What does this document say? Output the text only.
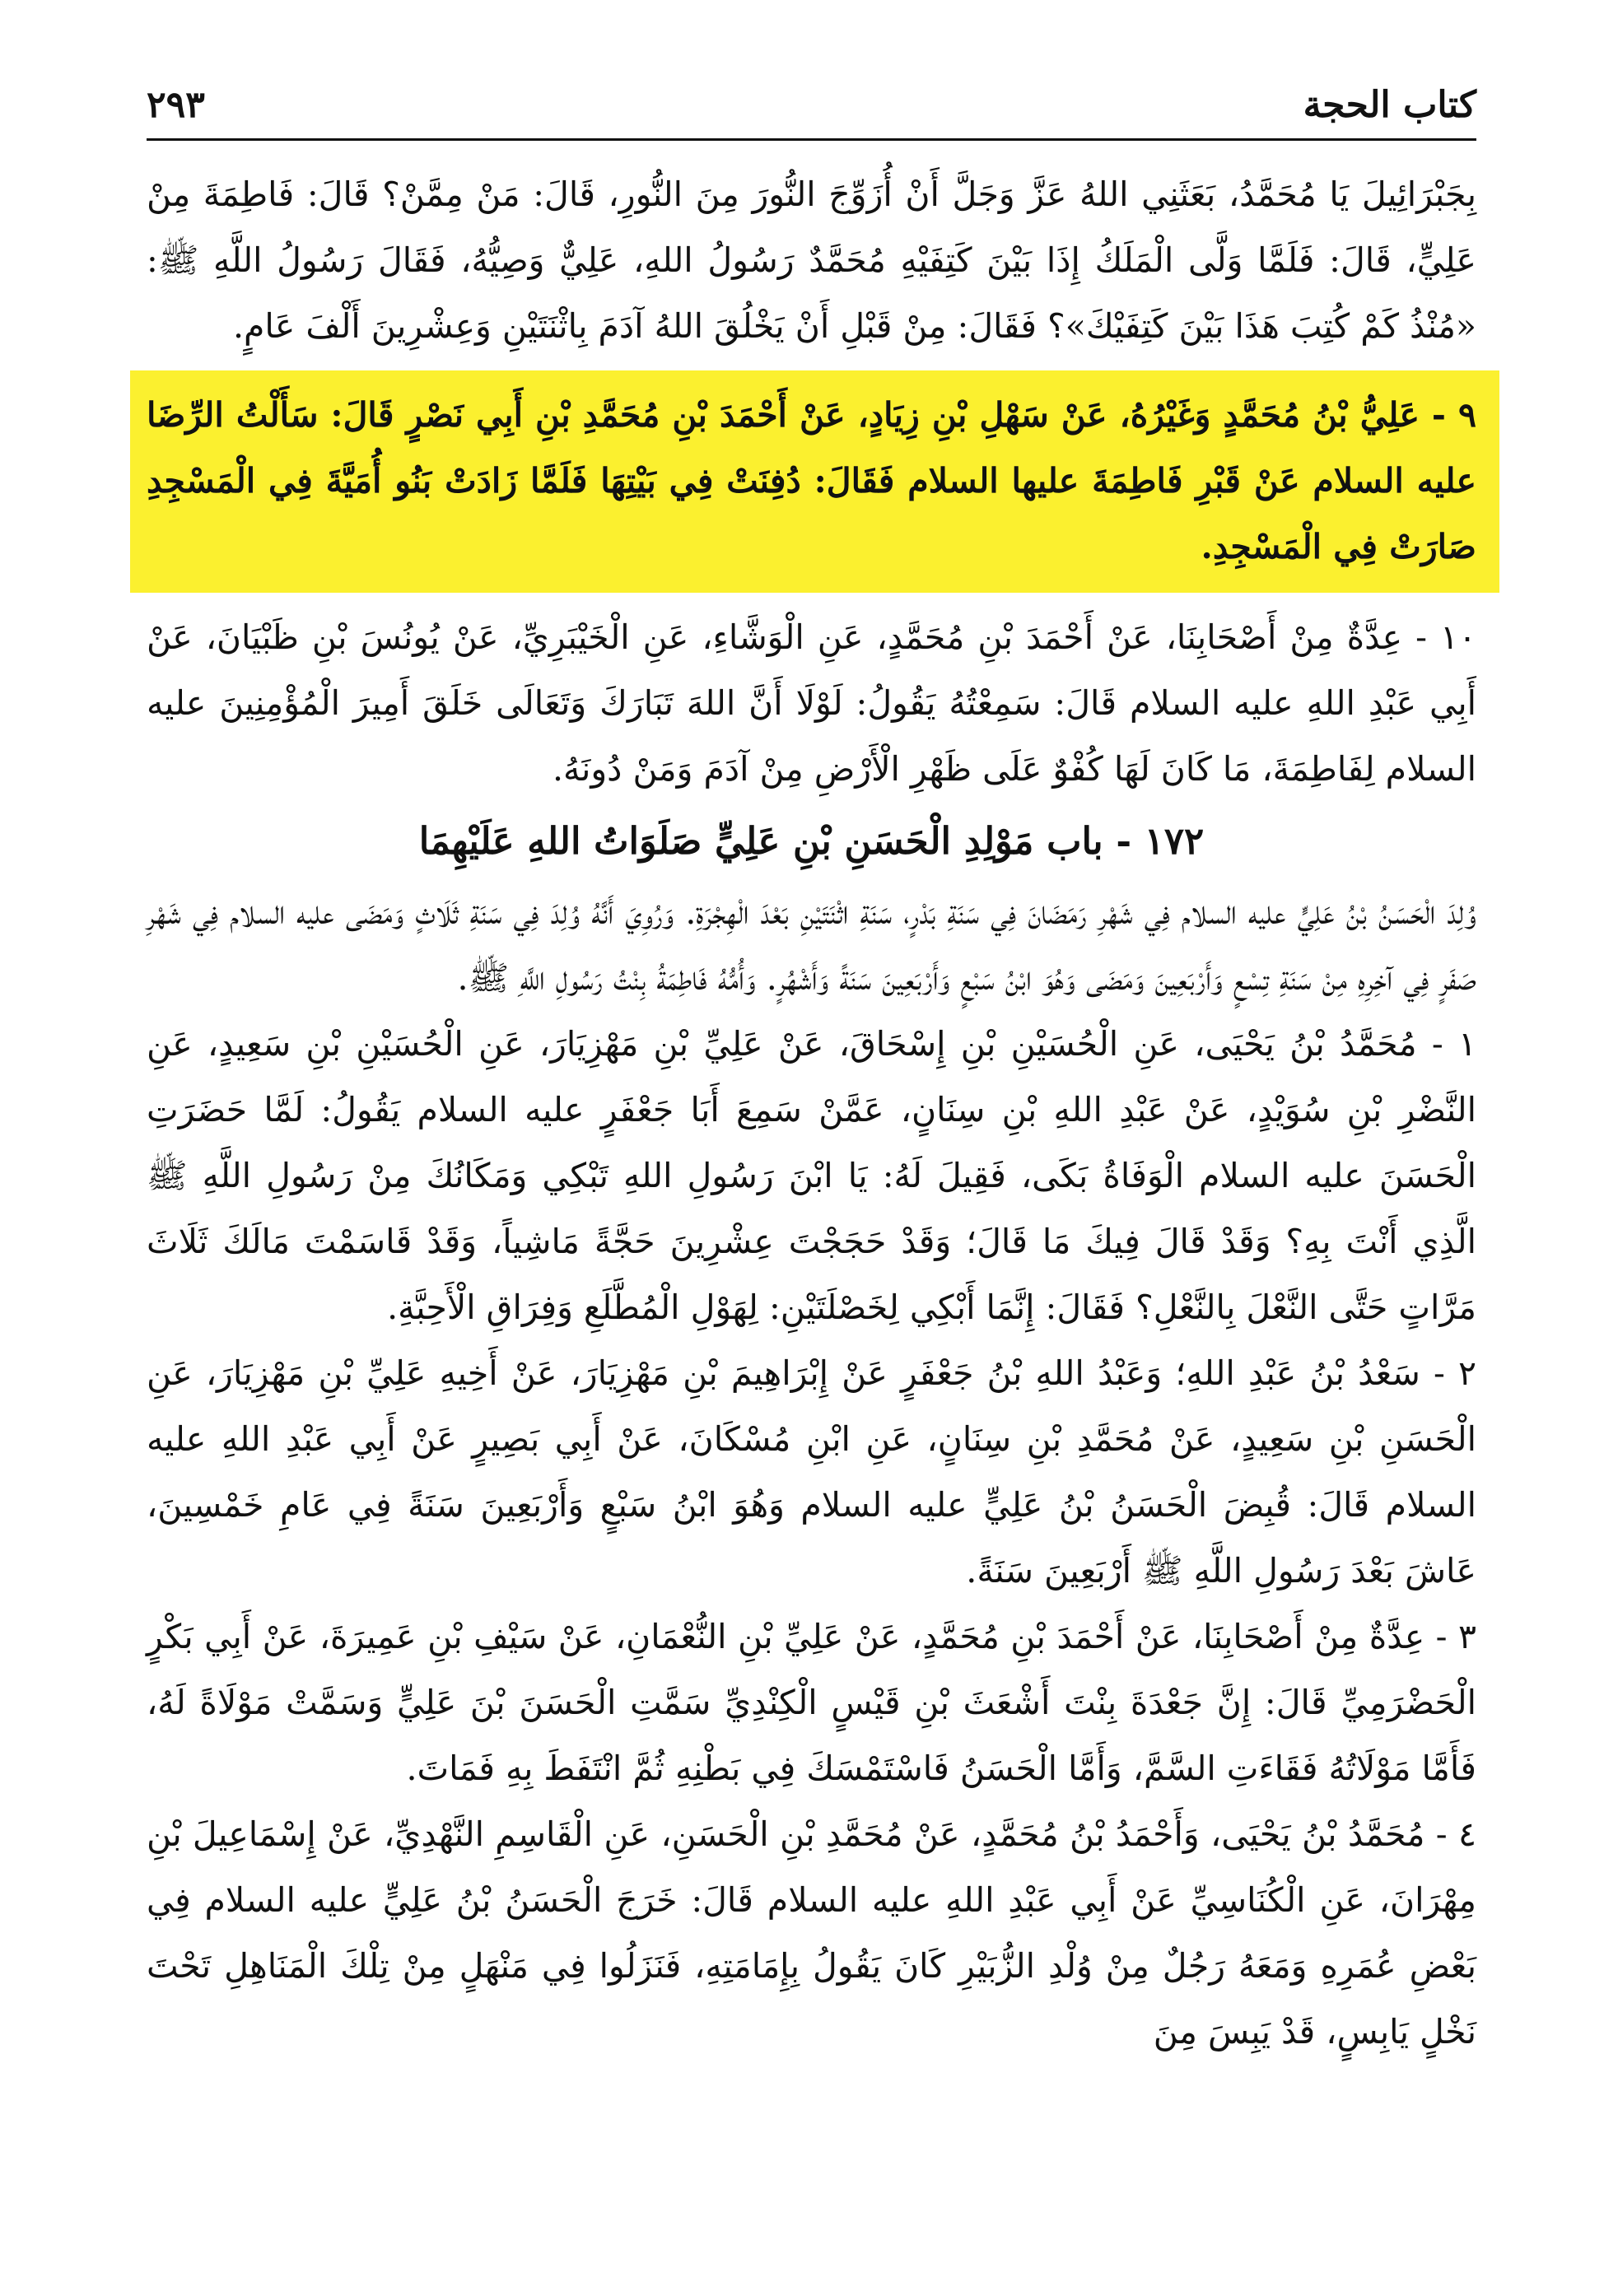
كتاب الحجة
٢٩٣

بِجَبْرَائِيلَ يَا مُحَمَّدُ، بَعَثَنِي اللهُ عَزَّ وَجَلَّ أَنْ أُزَوِّجَ النُّورَ مِنَ النُّورِ، قَالَ: مَنْ مِمَّنْ؟ قَالَ: فَاطِمَةَ مِنْ عَلِيٍّ، قَالَ: فَلَمَّا وَلَّى الْمَلَكُ إِذَا بَيْنَ كَتِفَيْهِ مُحَمَّدٌ رَسُولُ اللهِ، عَلِيٌّ وَصِيُّهُ، فَقَالَ رَسُولُ اللَّهِ ﷺ: «مُنْذُ كَمْ كُتِبَ هَذَا بَيْنَ كَتِفَيْكَ»؟ فَقَالَ: مِنْ قَبْلِ أَنْ يَخْلُقَ اللهُ آدَمَ بِاثْنَتَيْنِ وَعِشْرِينَ أَلْفَ عَامٍ.

٩ - عَلِيُّ بْنُ مُحَمَّدٍ وَغَيْرُهُ، عَنْ سَهْلِ بْنِ زِيَادٍ، عَنْ أَحْمَدَ بْنِ مُحَمَّدِ بْنِ أَبِي نَصْرٍ قَالَ: سَأَلْتُ الرِّضَا عليه السلام عَنْ قَبْرِ فَاطِمَةَ عليها السلام فَقَالَ: دُفِنَتْ فِي بَيْتِهَا فَلَمَّا زَادَتْ بَنُو أُمَيَّةَ فِي الْمَسْجِدِ صَارَتْ فِي الْمَسْجِدِ.

١٠ - عِدَّةٌ مِنْ أَصْحَابِنَا، عَنْ أَحْمَدَ بْنِ مُحَمَّدٍ، عَنِ الْوَشَّاءِ، عَنِ الْخَيْبَرِيِّ، عَنْ يُونُسَ بْنِ ظَبْيَانَ، عَنْ أَبِي عَبْدِ اللهِ عليه السلام قَالَ: سَمِعْتُهُ يَقُولُ: لَوْلَا أَنَّ اللهَ تَبَارَكَ وَتَعَالَى خَلَقَ أَمِيرَ الْمُؤْمِنِينَ عليه السلام لِفَاطِمَةَ، مَا كَانَ لَهَا كُفْوٌ عَلَى ظَهْرِ الْأَرْضِ مِنْ آدَمَ وَمَنْ دُونَهُ.

١٧٢ - باب مَوْلِدِ الْحَسَنِ بْنِ عَلِيٍّ صَلَوَاتُ اللهِ عَلَيْهِمَا

وُلِدَ الْحَسَنُ بْنُ عَلِيٍّ عليه السلام فِي شَهْرِ رَمَضَانَ فِي سَنَةِ بَدْرٍ، سَنَةِ اثْنَتَيْنِ بَعْدَ الْهِجْرَةِ. وَرُوِيَ أَنَّهُ وُلِدَ فِي سَنَةِ ثَلَاثٍ وَمَضَى عليه السلام فِي شَهْرِ صَفَرٍ فِي آخِرِهِ مِنْ سَنَةِ تِسْعٍ وَأَرْبَعِينَ وَمَضَى وَهُوَ ابْنُ سَبْعٍ وَأَرْبَعِينَ سَنَةً وَأَشْهُرٍ. وَأُمُّهُ فَاطِمَةُ بِنْتُ رَسُولِ اللَّهِ ﷺ.

١ - مُحَمَّدُ بْنُ يَحْيَى، عَنِ الْحُسَيْنِ بْنِ إِسْحَاقَ، عَنْ عَلِيِّ بْنِ مَهْزِيَارَ، عَنِ الْحُسَيْنِ بْنِ سَعِيدٍ، عَنِ النَّضْرِ بْنِ سُوَيْدٍ، عَنْ عَبْدِ اللهِ بْنِ سِنَانٍ، عَمَّنْ سَمِعَ أَبَا جَعْفَرٍ عليه السلام يَقُولُ: لَمَّا حَضَرَتِ الْحَسَنَ عليه السلام الْوَفَاةُ بَكَى، فَقِيلَ لَهُ: يَا ابْنَ رَسُولِ اللهِ تَبْكِي وَمَكَانُكَ مِنْ رَسُولِ اللَّهِ ﷺ الَّذِي أَنْتَ بِهِ؟ وَقَدْ قَالَ فِيكَ مَا قَالَ؛ وَقَدْ حَجَجْتَ عِشْرِينَ حَجَّةً مَاشِياً، وَقَدْ قَاسَمْتَ مَالَكَ ثَلَاثَ مَرَّاتٍ حَتَّى النَّعْلَ بِالنَّعْلِ؟ فَقَالَ: إِنَّمَا أَبْكِي لِخَصْلَتَيْنِ: لِهَوْلِ الْمُطَّلَعِ وَفِرَاقِ الْأَحِبَّةِ.

٢ - سَعْدُ بْنُ عَبْدِ اللهِ؛ وَعَبْدُ اللهِ بْنُ جَعْفَرٍ عَنْ إِبْرَاهِيمَ بْنِ مَهْزِيَارَ، عَنْ أَخِيهِ عَلِيِّ بْنِ مَهْزِيَارَ، عَنِ الْحَسَنِ بْنِ سَعِيدٍ، عَنْ مُحَمَّدِ بْنِ سِنَانٍ، عَنِ ابْنِ مُسْكَانَ، عَنْ أَبِي بَصِيرٍ عَنْ أَبِي عَبْدِ اللهِ عليه السلام قَالَ: قُبِضَ الْحَسَنُ بْنُ عَلِيٍّ عليه السلام وَهُوَ ابْنُ سَبْعٍ وَأَرْبَعِينَ سَنَةً فِي عَامِ خَمْسِينَ، عَاشَ بَعْدَ رَسُولِ اللَّهِ ﷺ أَرْبَعِينَ سَنَةً.

٣ - عِدَّةٌ مِنْ أَصْحَابِنَا، عَنْ أَحْمَدَ بْنِ مُحَمَّدٍ، عَنْ عَلِيِّ بْنِ النُّعْمَانِ، عَنْ سَيْفِ بْنِ عَمِيرَةَ، عَنْ أَبِي بَكْرٍ الْحَضْرَمِيِّ قَالَ: إِنَّ جَعْدَةَ بِنْتَ أَشْعَثَ بْنِ قَيْسٍ الْكِنْدِيِّ سَمَّتِ الْحَسَنَ بْنَ عَلِيٍّ وَسَمَّتْ مَوْلَاةً لَهُ، فَأَمَّا مَوْلَاتُهُ فَقَاءَتِ السَّمَّ، وَأَمَّا الْحَسَنُ فَاسْتَمْسَكَ فِي بَطْنِهِ ثُمَّ انْتَفَطَ بِهِ فَمَاتَ.

٤ - مُحَمَّدُ بْنُ يَحْيَى، وَأَحْمَدُ بْنُ مُحَمَّدٍ، عَنْ مُحَمَّدِ بْنِ الْحَسَنِ، عَنِ الْقَاسِمِ النَّهْدِيِّ، عَنْ إِسْمَاعِيلَ بْنِ مِهْرَانَ، عَنِ الْكُنَاسِيِّ عَنْ أَبِي عَبْدِ اللهِ عليه السلام قَالَ: خَرَجَ الْحَسَنُ بْنُ عَلِيٍّ عليه السلام فِي بَعْضِ عُمَرِهِ وَمَعَهُ رَجُلٌ مِنْ وُلْدِ الزُّبَيْرِ كَانَ يَقُولُ بِإِمَامَتِهِ، فَنَزَلُوا فِي مَنْهَلٍ مِنْ تِلْكَ الْمَنَاهِلِ تَحْتَ نَخْلٍ يَابِسٍ، قَدْ يَبِسَ مِنَ
